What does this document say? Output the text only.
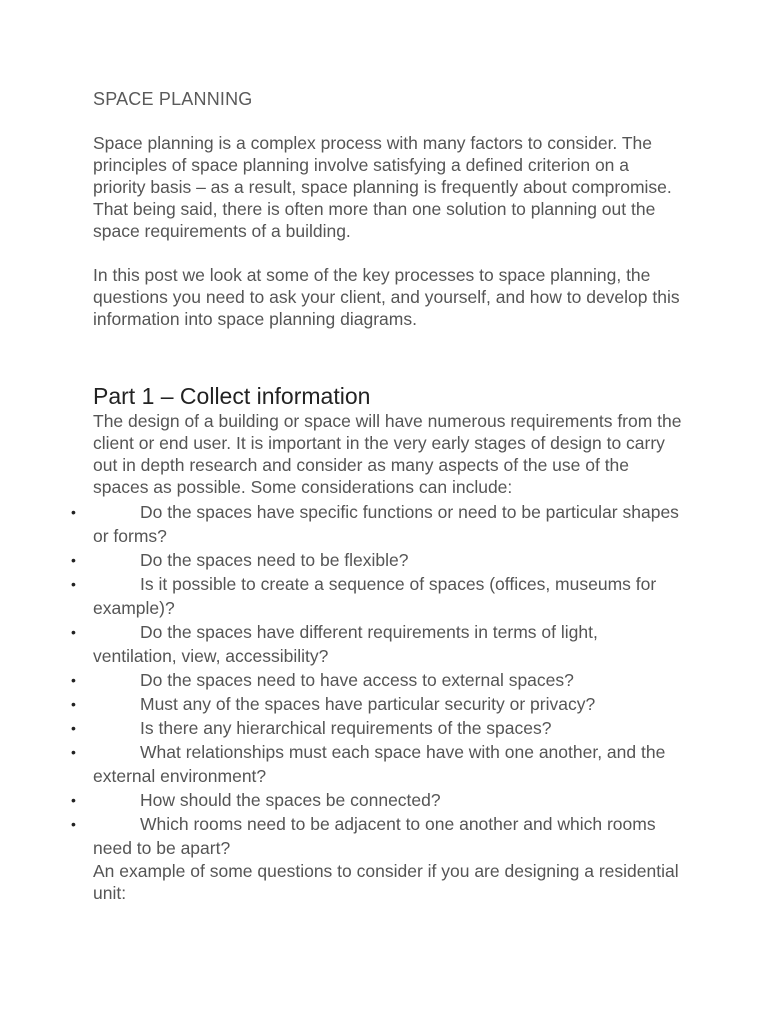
SPACE PLANNING

Space planning is a complex process with many factors to consider. The principles of space planning involve satisfying a defined criterion on a priority basis – as a result, space planning is frequently about compromise. That being said, there is often more than one solution to planning out the space requirements of a building.

In this post we look at some of the key processes to space planning, the questions you need to ask your client, and yourself, and how to develop this information into space planning diagrams.

Part 1 – Collect information

The design of a building or space will have numerous requirements from the client or end user. It is important in the very early stages of design to carry out in depth research and consider as many aspects of the use of the spaces as possible. Some considerations can include:

•	Do the spaces have specific functions or need to be particular shapes or forms?
•	Do the spaces need to be flexible?
•	Is it possible to create a sequence of spaces (offices, museums for example)?
•	Do the spaces have different requirements in terms of light, ventilation, view, accessibility?
•	Do the spaces need to have access to external spaces?
•	Must any of the spaces have particular security or privacy?
•	Is there any hierarchical requirements of the spaces?
•	What relationships must each space have with one another, and the external environment?
•	How should the spaces be connected?
•	Which rooms need to be adjacent to one another and which rooms need to be apart?

An example of some questions to consider if you are designing a residential unit:
